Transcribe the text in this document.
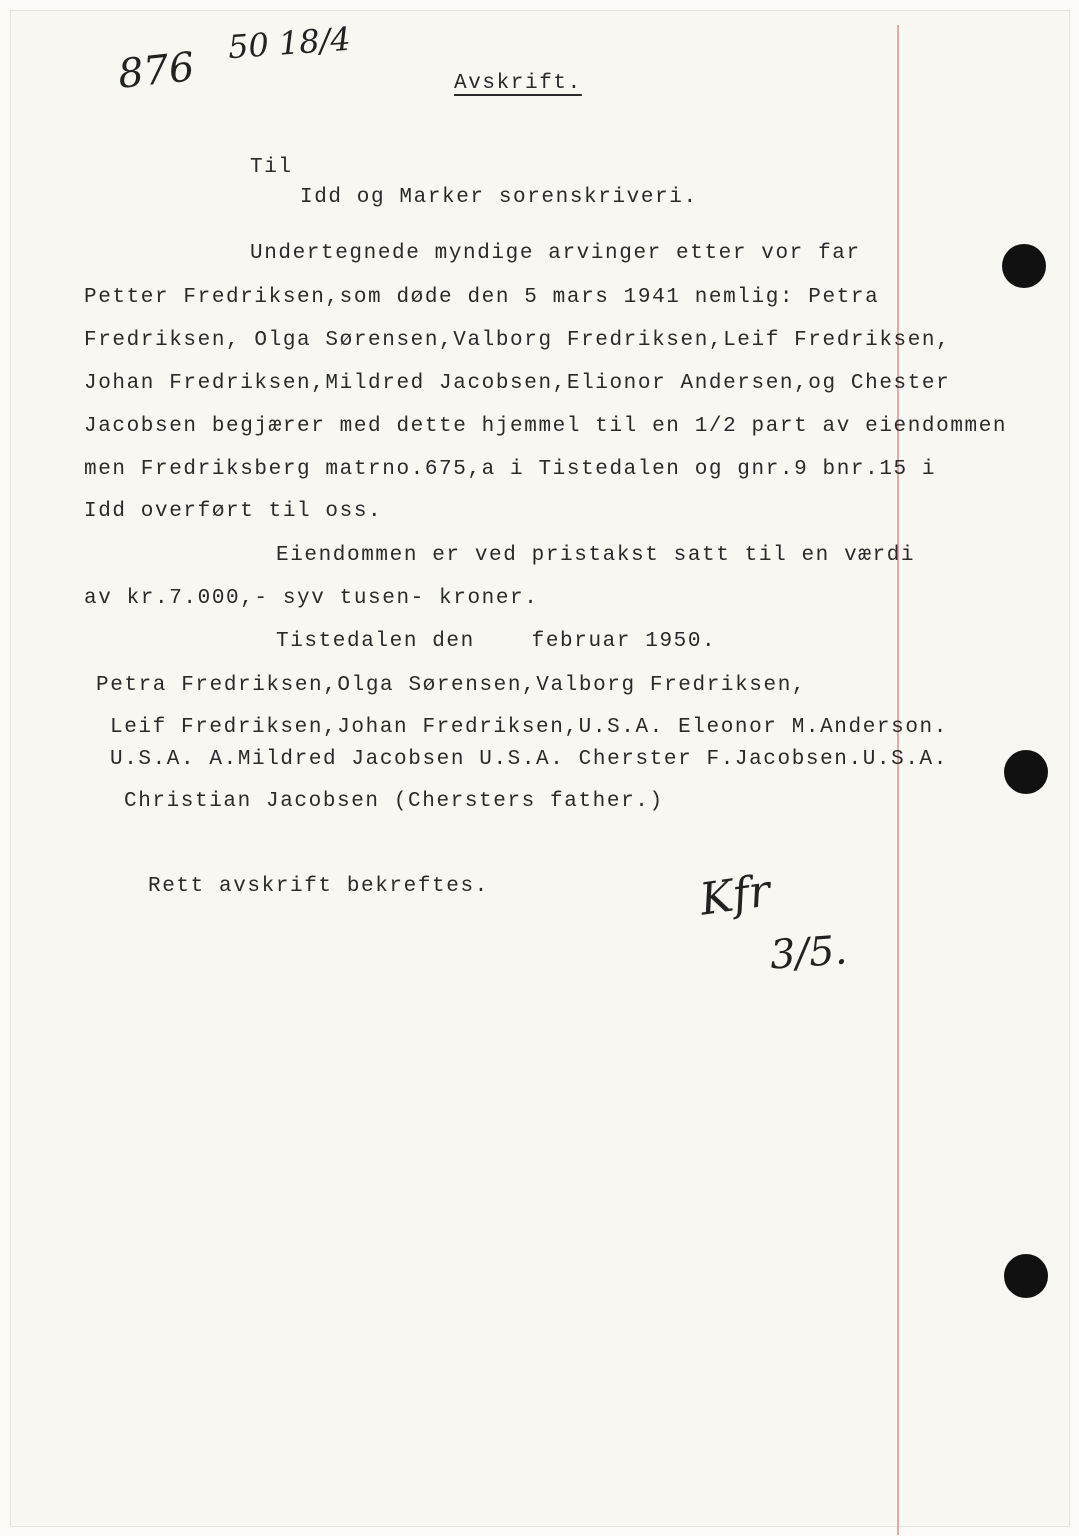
876
50 18/4
Avskrift.
Til
Idd og Marker sorenskriveri.
Undertegnede myndige arvinger etter vor far
Petter Fredriksen,som døde den 5 mars 1941 nemlig: Petra
Fredriksen, Olga Sørensen,Valborg Fredriksen,Leif Fredriksen,
Johan Fredriksen,Mildred Jacobsen,Elionor Andersen,og Chester
Jacobsen begjærer med dette hjemmel til en 1/2 part av eiendommen
men Fredriksberg matrno.675,a i Tistedalen og gnr.9 bnr.15 i
Idd overført til oss.
Eiendommen er ved pristakst satt til en værdi
av kr.7.000,- syv tusen- kroner.
Tistedalen den    februar 1950.
Petra Fredriksen,Olga Sørensen,Valborg Fredriksen,
Leif Fredriksen,Johan Fredriksen,U.S.A. Eleonor M.Anderson.
U.S.A. A.Mildred Jacobsen U.S.A. Cherster F.Jacobsen.U.S.A.
Christian Jacobsen (Chersters father.)
Rett avskrift bekreftes.	Kfr
3/5.
